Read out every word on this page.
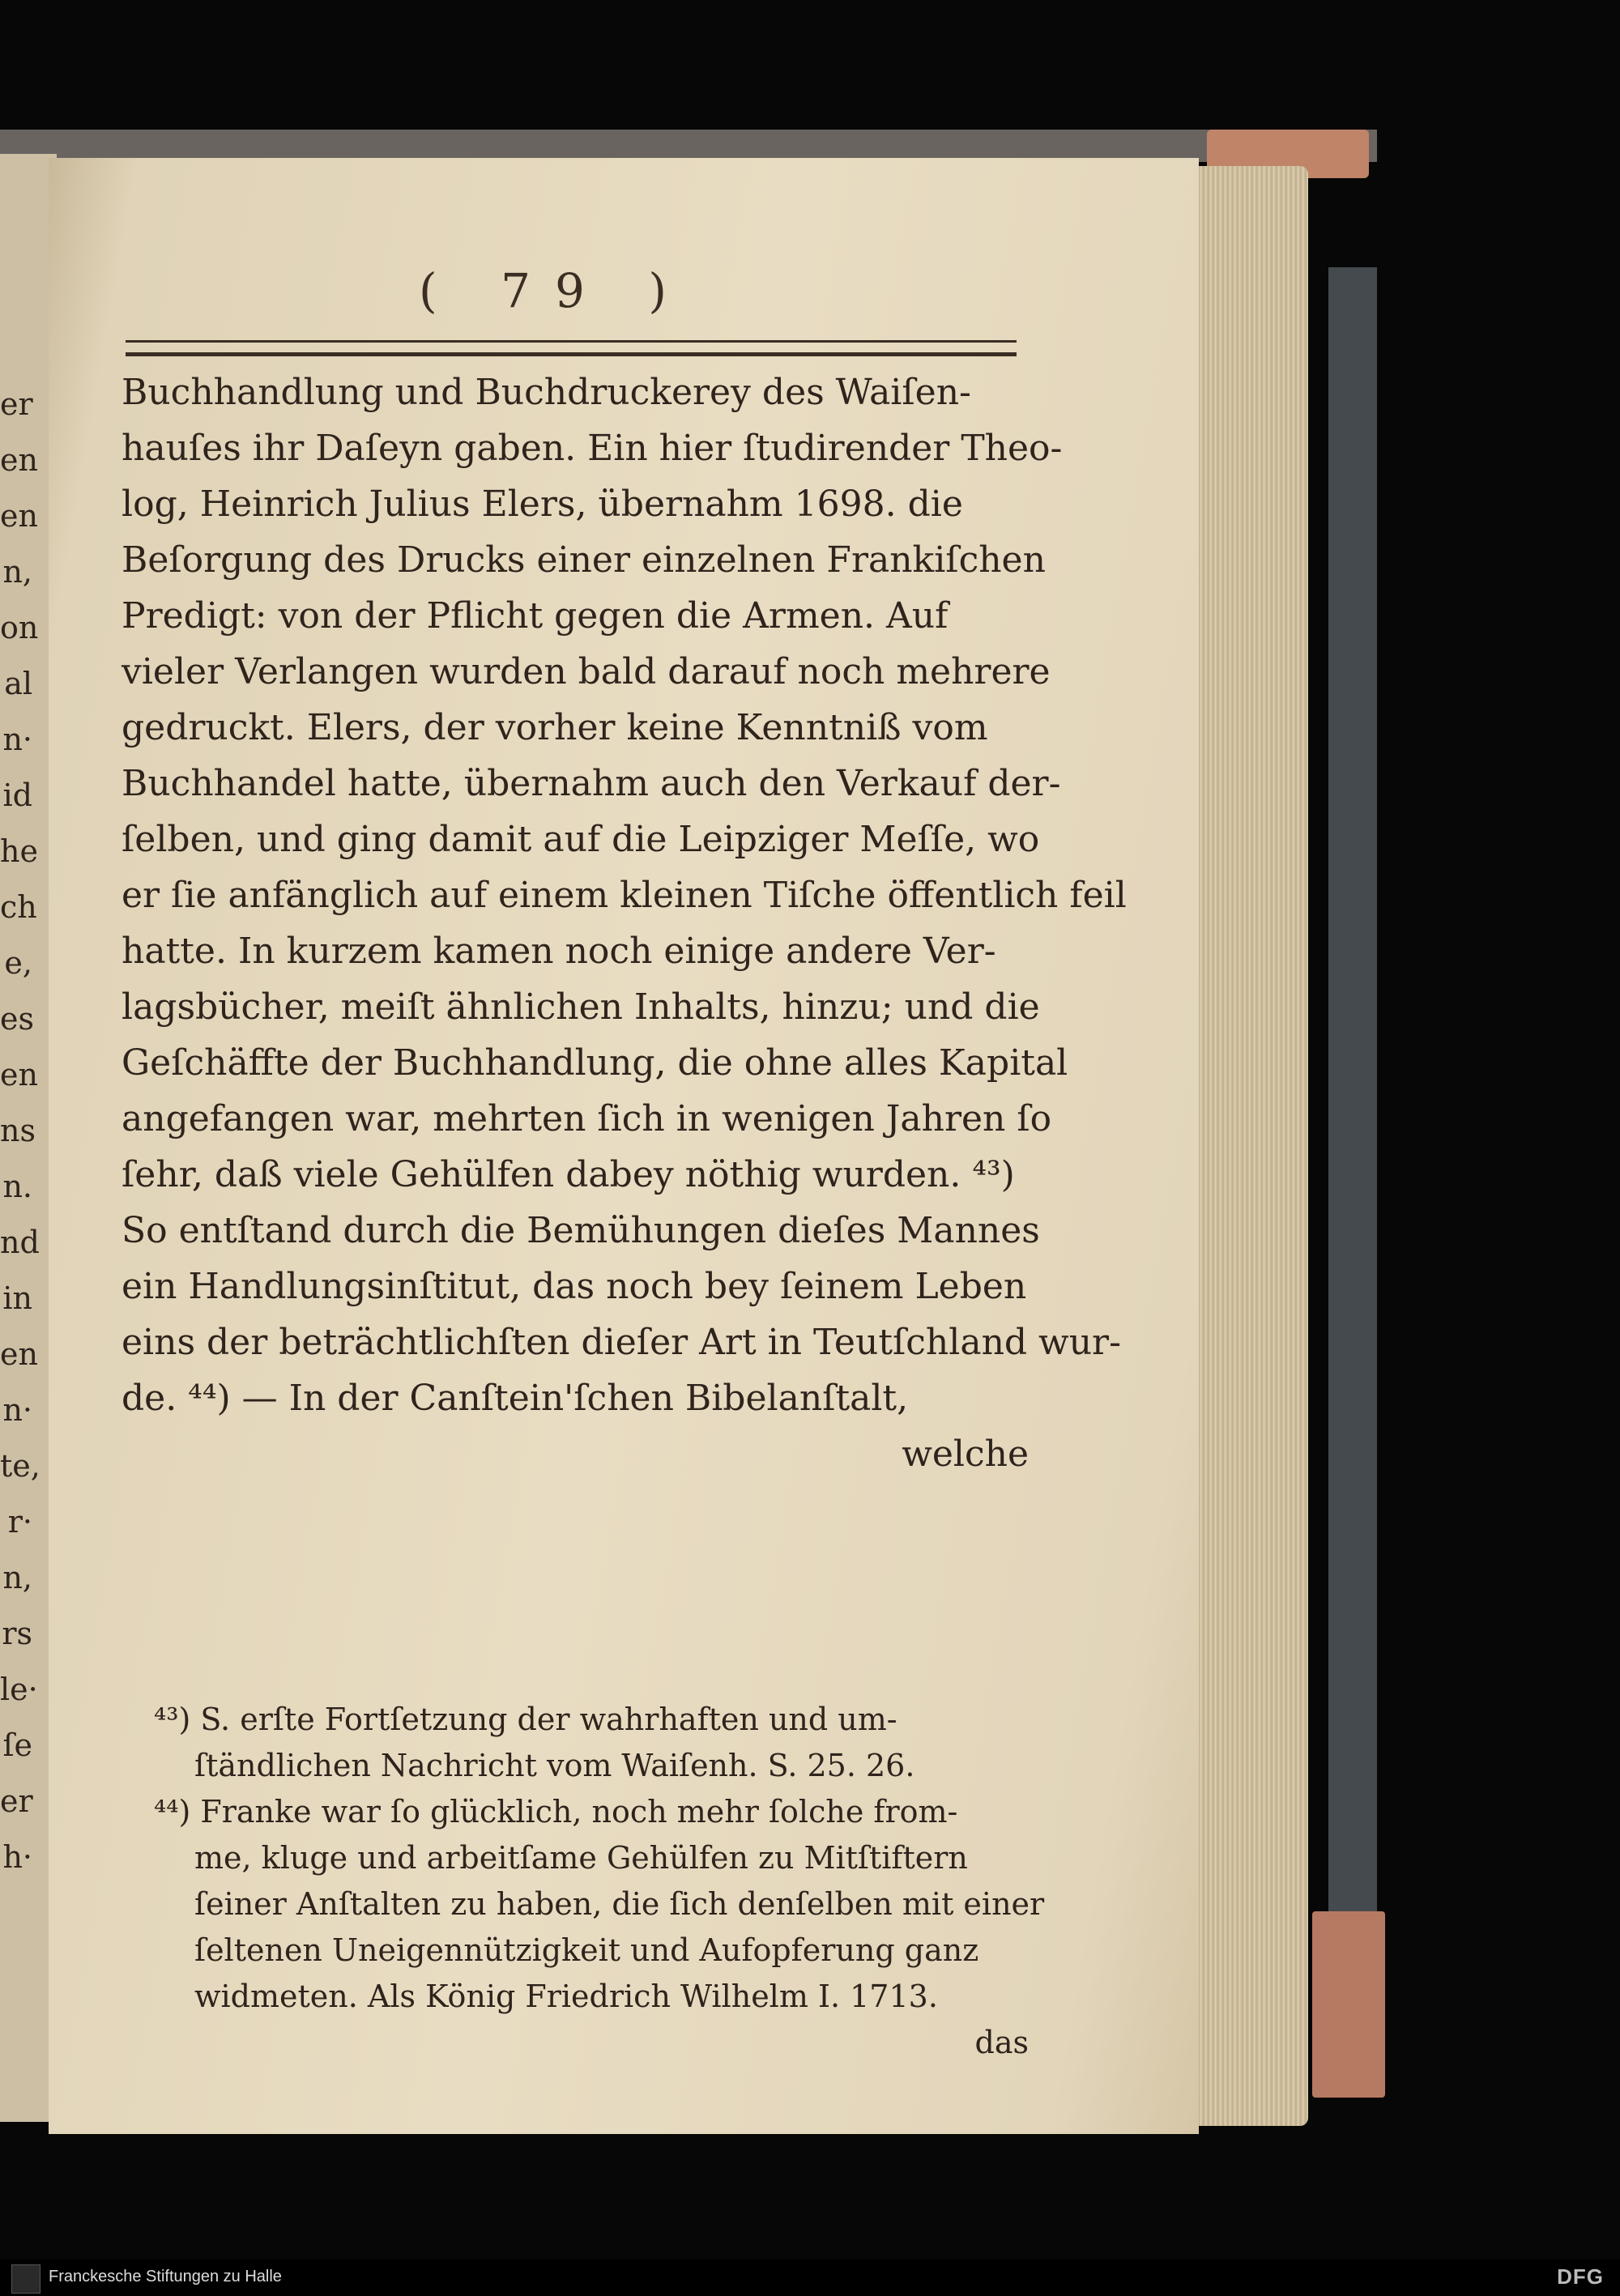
er
en
en
n,
on
al
n·
id
he
ch
e,
es
en
ns
n.
nd
in
en
n·
te,
r·
n,
rs
le·
ſe
er
h·
( 79 )
Buchhandlung und Buchdruckerey des Waiſen-
hauſes ihr Daſeyn gaben. Ein hier ſtudirender Theo-
log, Heinrich Julius Elers, übernahm 1698. die
Beſorgung des Drucks einer einzelnen Frankiſchen
Predigt: von der Pflicht gegen die Armen. Auf
vieler Verlangen wurden bald darauf noch mehrere
gedruckt. Elers, der vorher keine Kenntniß vom
Buchhandel hatte, übernahm auch den Verkauf der-
ſelben, und ging damit auf die Leipziger Meſſe, wo
er ſie anfänglich auf einem kleinen Tiſche öffentlich feil
hatte. In kurzem kamen noch einige andere Ver-
lagsbücher, meiſt ähnlichen Inhalts, hinzu; und die
Geſchäffte der Buchhandlung, die ohne alles Kapital
angefangen war, mehrten ſich in wenigen Jahren ſo
ſehr, daß viele Gehülfen dabey nöthig wurden. ⁴³)
So entſtand durch die Bemühungen dieſes Mannes
ein Handlungsinſtitut, das noch bey ſeinem Leben
eins der beträchtlichſten dieſer Art in Teutſchland wur-
de. ⁴⁴) — In der Canſtein'ſchen Bibelanſtalt,
welche
⁴³) S. erſte Fortſetzung der wahrhaften und um-
ſtändlichen Nachricht vom Waiſenh. S. 25. 26.
⁴⁴) Franke war ſo glücklich, noch mehr ſolche from-
me, kluge und arbeitſame Gehülfen zu Mitſtiftern
ſeiner Anſtalten zu haben, die ſich denſelben mit einer
ſeltenen Uneigennützigkeit und Aufopferung ganz
widmeten. Als König Friedrich Wilhelm I. 1713.
das
Franckesche Stiftungen zu Halle	DFG
